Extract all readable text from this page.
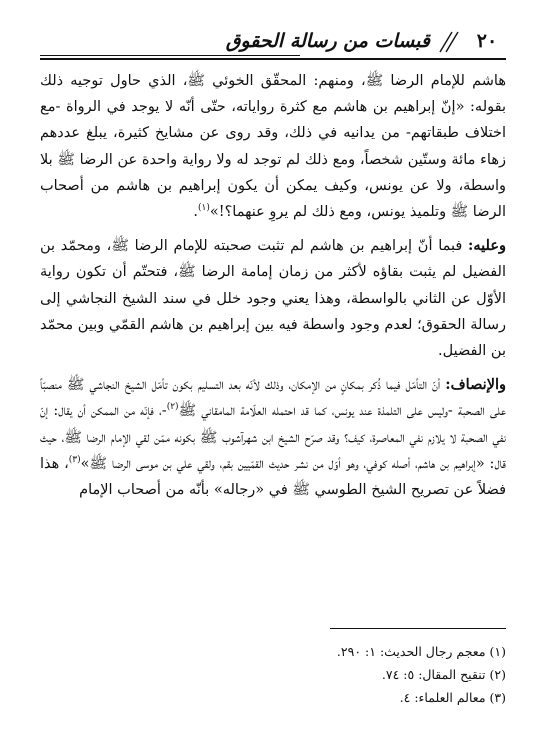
٢٠
قبسات من رسالة الحقوق

هاشم للإمام الرضا ﷺ، ومنهم: المحقّق الخوئي ﷺ، الذي حاول توجيه ذلك بقوله: «إنّ إبراهيم بن هاشم مع كثرة رواياته، حتّى أنّه لا يوجد في الرواة -مع اختلاف طبقاتهم- من يدانيه في ذلك، وقد روى عن مشايخ كثيرة، يبلغ عددهم زهاء مائة وستّين شخصاً، ومع ذلك لم توجد له ولا رواية واحدة عن الرضا ﷺ بلا واسطة، ولا عن يونس، وكيف يمكن أن يكون إبراهيم بن هاشم من أصحاب الرضا ﷺ وتلميذ يونس، ومع ذلك لم يروِ عنهما؟!»$^{(١)}$.

وعليه: فبما أنّ إبراهيم بن هاشم لم تثبت صحبته للإمام الرضا ﷺ، ومحمّد بن الفضيل لم يثبت بقاؤه لأكثر من زمان إمامة الرضا ﷺ، فتحتّم أن تكون رواية الأوّل عن الثاني بالواسطة، وهذا يعني وجود خلل في سند الشيخ النجاشي إلى رسالة الحقوق؛ لعدم وجود واسطة فيه بين إبراهيم بن هاشم القمّي وبين محمّد بن الفضيل.

والإنصاف: أنّ التأمّل فيما ذُكر بمكانٍ من الإمكان، وذلك لأنّه بعد التسليم بكون تأمّل الشيخ النجاشي ﷺ منصبّاً على الصحبة -وليس على التلمذة عند يونس، كما قد احتمله العلّامة المامقاني ﷺ$^{(٢)}$-، فإنّه من الممكن أن يقال: إنّ نفي الصحبة لا يلازم نفي المعاصرة، كيف؟ وقد صرّح الشيخ ابن شهرآشوب ﷺ بكونه ممّن لقي الإمام الرضا ﷺ، حيث قال: «إبراهيم بن هاشم، أصله كوفي، وهو أوّل من نشر حديث القمّيين بقم، ولقي علي بن موسى الرضا ﷺ»$^{(٣)}$، هذا فضلاً عن تصريح الشيخ الطوسي ﷺ في «رجاله» بأنّه من أصحاب الإمام

(١) معجم رجال الحديث: ١: ٢٩٠.
(٢) تنقيح المقال: ٥: ٧٤.
(٣) معالم العلماء: ٤.
